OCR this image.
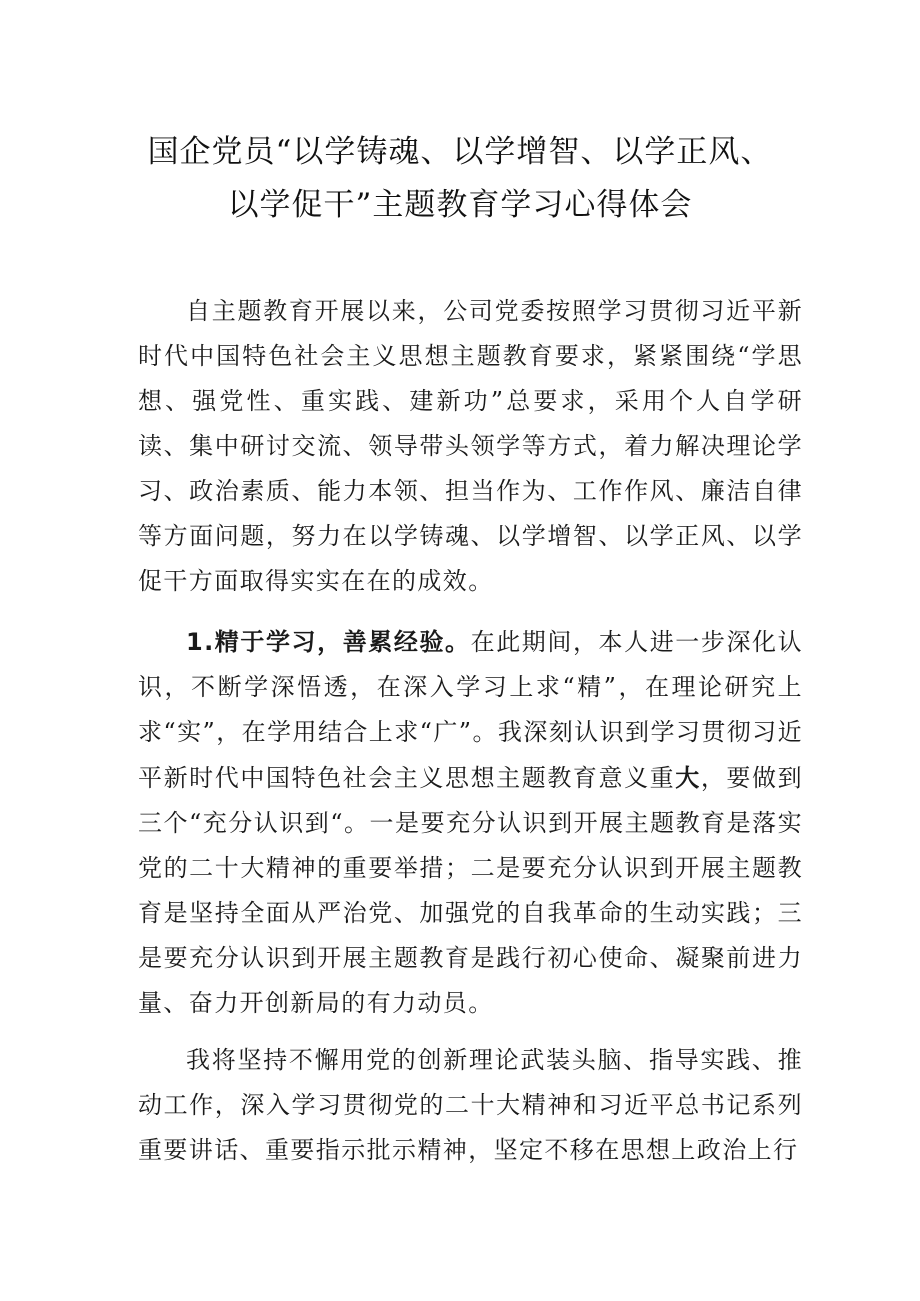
国企党员“以学铸魂、以学增智、以学正风、
以学促干”主题教育学习心得体会

自主题教育开展以来，公司党委按照学习贯彻习近平新时代中国特色社会主义思想主题教育要求，紧紧围绕“学思想、强党性、重实践、建新功”总要求，采用个人自学研读、集中研讨交流、领导带头领学等方式，着力解决理论学习、政治素质、能力本领、担当作为、工作作风、廉洁自律等方面问题，努力在以学铸魂、以学增智、以学正风、以学促干方面取得实实在在的成效。

1.精于学习，善累经验。在此期间，本人进一步深化认识，不断学深悟透，在深入学习上求“精”，在理论研究上求“实”，在学用结合上求“广”。我深刻认识到学习贯彻习近平新时代中国特色社会主义思想主题教育意义重大，要做到三个“充分认识到“。一是要充分认识到开展主题教育是落实党的二十大精神的重要举措；二是要充分认识到开展主题教育是坚持全面从严治党、加强党的自我革命的生动实践；三是要充分认识到开展主题教育是践行初心使命、凝聚前进力量、奋力开创新局的有力动员。

我将坚持不懈用党的创新理论武装头脑、指导实践、推动工作，深入学习贯彻党的二十大精神和习近平总书记系列重要讲话、重要指示批示精神，坚定不移在思想上政治上行
